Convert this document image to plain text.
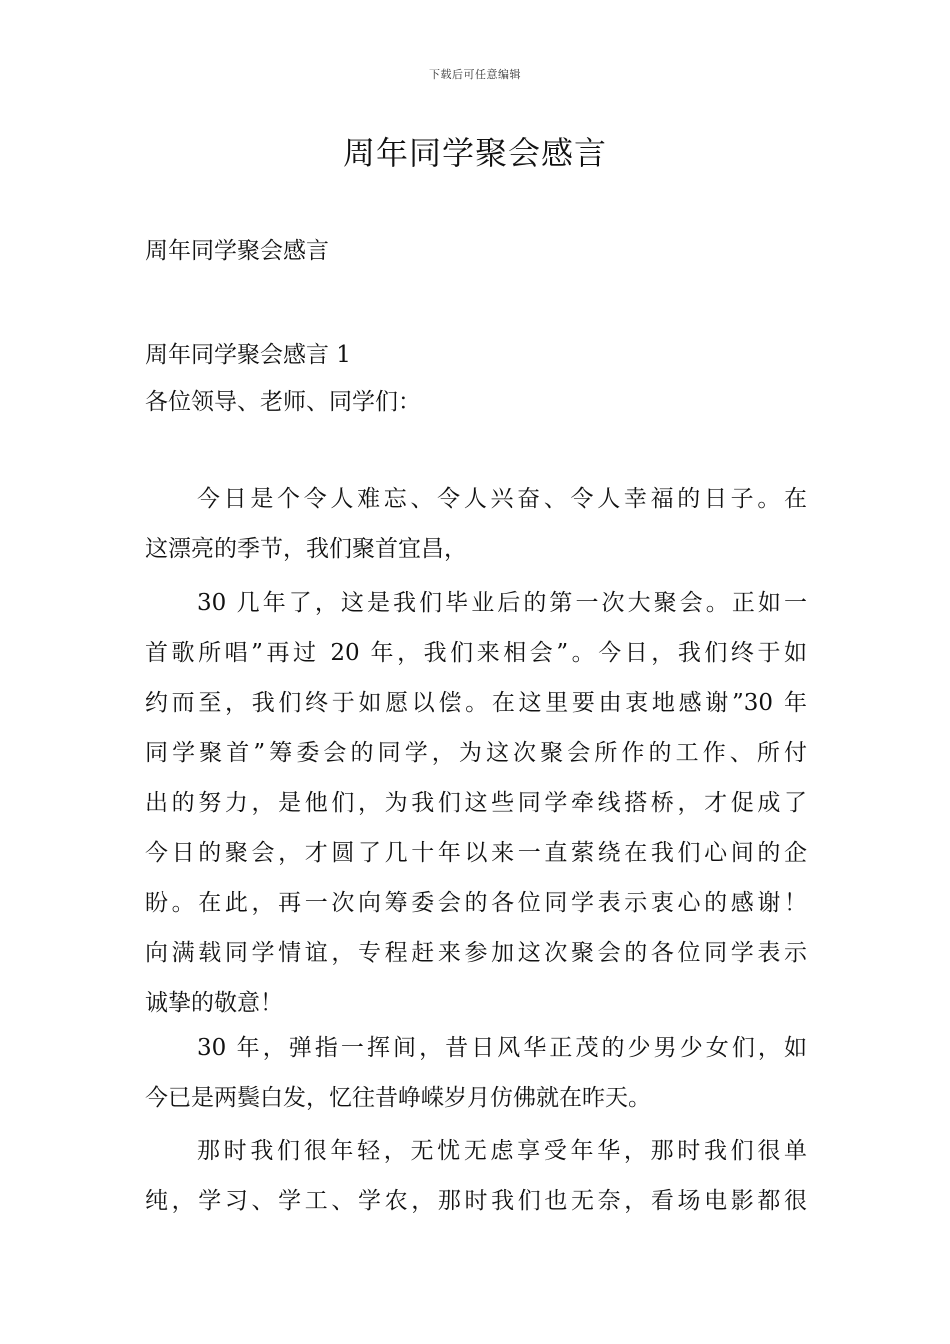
下载后可任意编辑
周年同学聚会感言

周年同学聚会感言

周年同学聚会感言 1

各位领导、老师、同学们：

今日是个令人难忘、令人兴奋、令人幸福的日子。在

这漂亮的季节，我们聚首宜昌，

30 几年了，这是我们毕业后的第一次大聚会。正如一

首歌所唱”再过 20 年，我们来相会”。今日，我们终于如

约而至，我们终于如愿以偿。在这里要由衷地感谢”30 年

同学聚首”筹委会的同学，为这次聚会所作的工作、所付

出的努力，是他们，为我们这些同学牵线搭桥，才促成了

今日的聚会，才圆了几十年以来一直萦绕在我们心间的企

盼。在此，再一次向筹委会的各位同学表示衷心的感谢！

向满载同学情谊，专程赶来参加这次聚会的各位同学表示

诚挚的敬意！

30 年，弹指一挥间，昔日风华正茂的少男少女们，如

今已是两鬓白发，忆往昔峥嵘岁月仿佛就在昨天。

那时我们很年轻，无忧无虑享受年华，那时我们很单

纯，学习、学工、学农，那时我们也无奈，看场电影都很
